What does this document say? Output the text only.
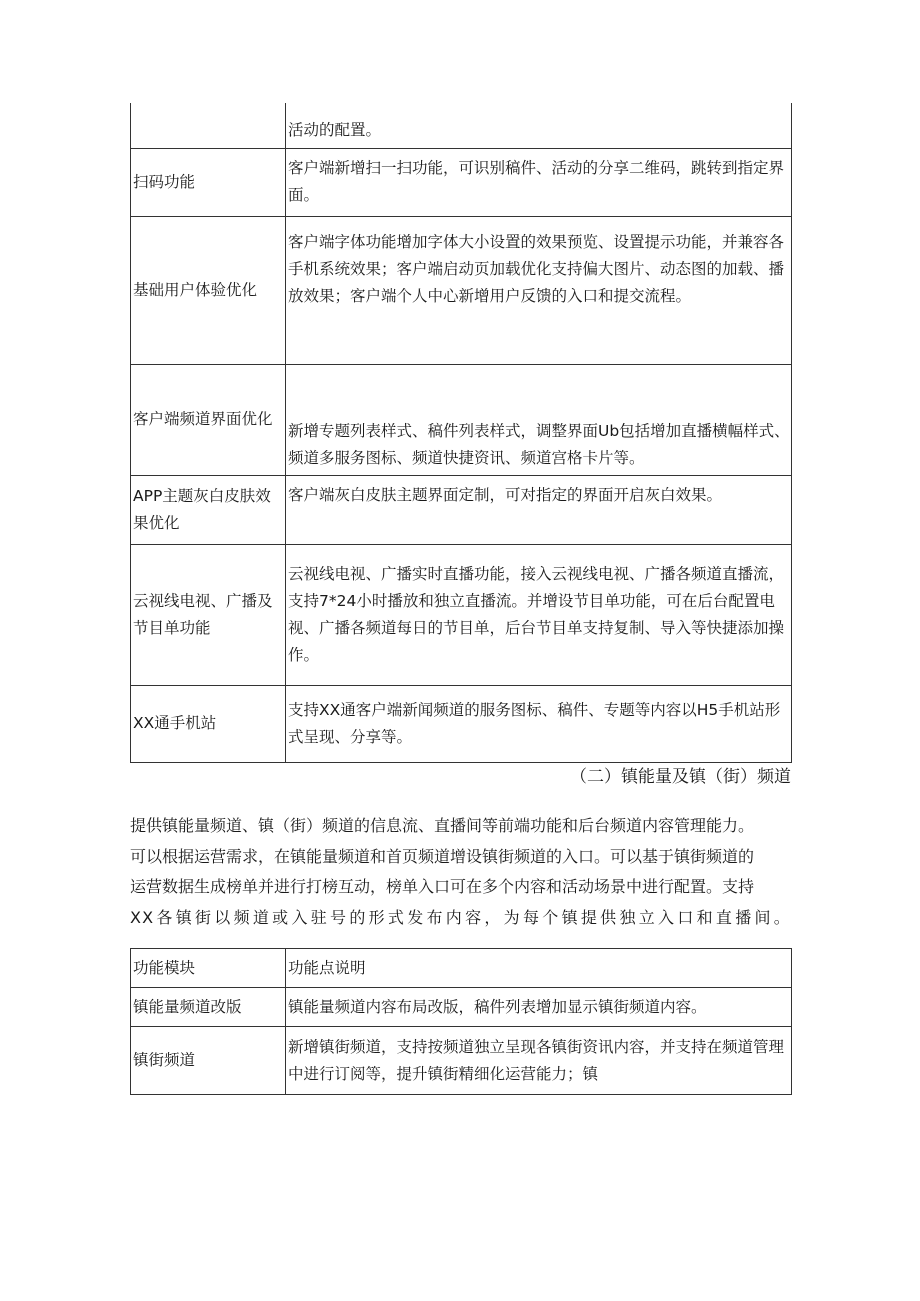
	活动的配置。
扫码功能	客户端新增扫一扫功能，可识别稿件、活动的分享二维码，跳转到指定界面。
基础用户体验优化	客户端字体功能增加字体大小设置的效果预览、设置提示功能，并兼容各手机系统效果；客户端启动页加载优化支持偏大图片、动态图的加载、播放效果；客户端个人中心新增用户反馈的入口和提交流程。
客户端频道界面优化	新增专题列表样式、稿件列表样式，调整界面Ub包括增加直播横幅样式、频道多服务图标、频道快捷资讯、频道宫格卡片等。
APP主题灰白皮肤效果优化	客户端灰白皮肤主题界面定制，可对指定的界面开启灰白效果。
云视线电视、广播及节目单功能	云视线电视、广播实时直播功能，接入云视线电视、广播各频道直播流，支持7*24小时播放和独立直播流。并增设节目单功能，可在后台配置电视、广播各频道每日的节目单，后台节目单支持复制、导入等快捷添加操作。
XX通手机站	支持XX通客户端新闻频道的服务图标、稿件、专题等内容以H5手机站形式呈现、分享等。
（二）镇能量及镇（街）频道
提供镇能量频道、镇（街）频道的信息流、直播间等前端功能和后台频道内容管理能力。
可以根据运营需求，在镇能量频道和首页频道增设镇街频道的入口。可以基于镇街频道的
运营数据生成榜单并进行打榜互动，榜单入口可在多个内容和活动场景中进行配置。支持
XX各镇街以频道或入驻号的形式发布内容，为每个镇提供独立入口和直播间。
功能模块	功能点说明
镇能量频道改版	镇能量频道内容布局改版，稿件列表增加显示镇街频道内容。
镇街频道	新增镇街频道，支持按频道独立呈现各镇街资讯内容，并支持在频道管理中进行订阅等，提升镇街精细化运营能力；镇
